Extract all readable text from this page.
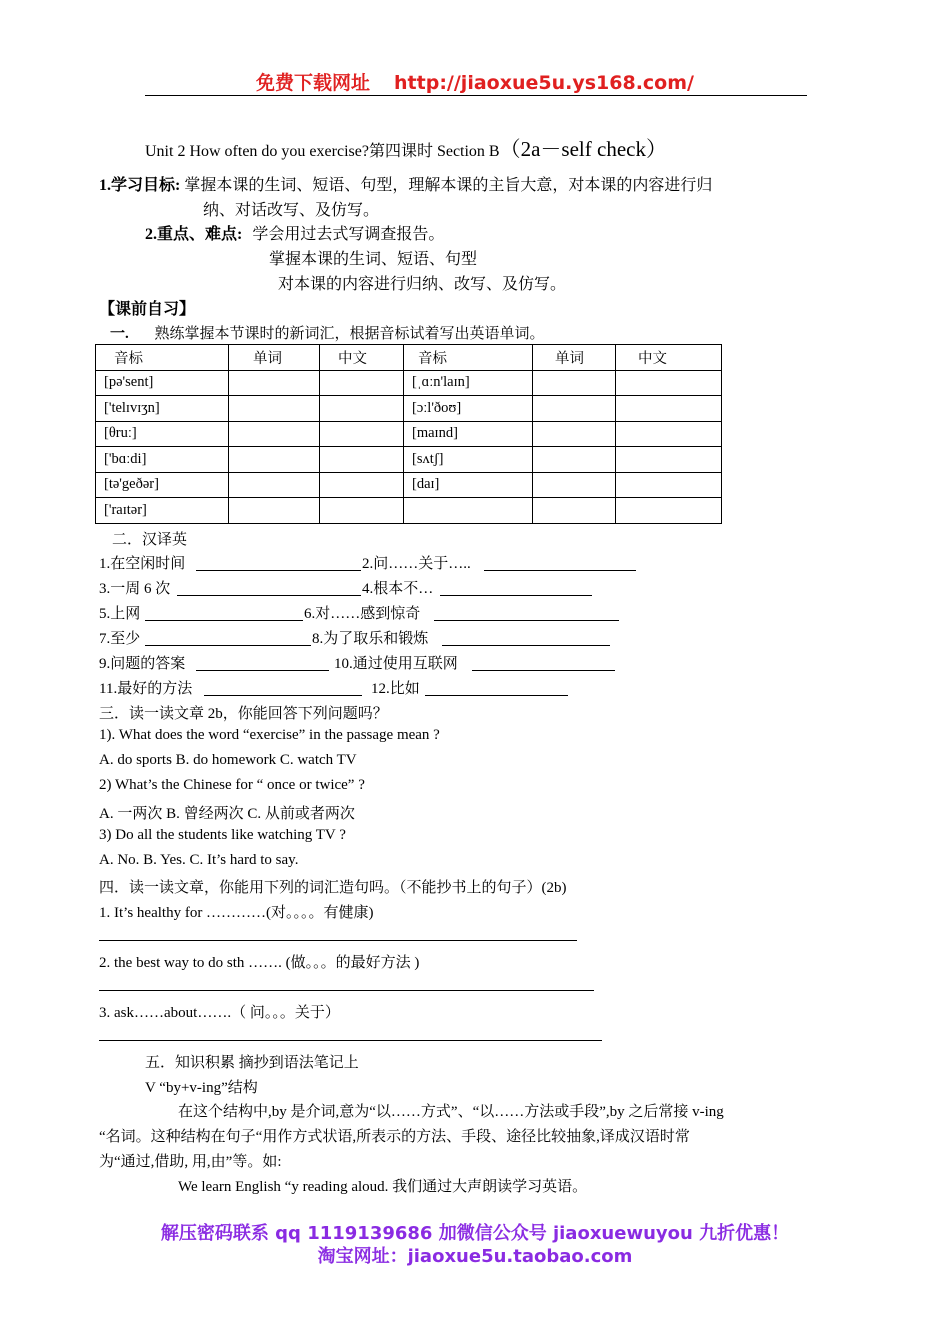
免费下载网址 http://jiaoxue5u.ys168.com/
Unit 2 How often do you exercise?第四课时 Section B（2a－self check）
1.学习目标: 掌握本课的生词、短语、句型，理解本课的主旨大意，对本课的内容进行归
纳、对话改写、及仿写。
2.重点、难点: 学会用过去式写调查报告。
掌握本课的生词、短语、句型
对本课的内容进行归纳、改写、及仿写。
【课前自习】
一. 熟练掌握本节课时的新词汇，根据音标试着写出英语单词。
音标	单词	中文	音标	单词	中文
[pə'sent]			[ˌɑːn'laɪn]		
['telɪvɪʒn]			[ɔːl'ðoʊ]		
[θruː]			[maɪnd]		
['bɑːdi]			[sʌtʃ]		
[tə'geðər]			[daɪ]		
['raɪtər]					
二．汉译英
1.在空闲时间	2.问……关于…..
3.一周 6 次	4.根本不…
5.上网	6.对……感到惊奇
7.至少	8.为了取乐和锻炼
9.问题的答案	10.通过使用互联网
11.最好的方法	12.比如
三．读一读文章 2b，你能回答下列问题吗？
1). What does the word “exercise” in the passage mean ?
A. do sports B. do homework C. watch TV
2) What’s the Chinese for “ once or twice” ?
A. 一两次 B. 曾经两次 C. 从前或者两次
3) Do all the students like watching TV ?
A. No. B. Yes. C. It’s hard to say.
四．读一读文章，你能用下列的词汇造句吗。（不能抄书上的句子）(2b)
1. It’s healthy for …………(对。。。。有健康)
2. the best way to do sth ……. (做。。。的最好方法 )
3. ask……about…….（ 问。。。关于）
五．知识积累 摘抄到语法笔记上
V “by+v-ing”结构
在这个结构中,by 是介词,意为“以……方式”、“以……方法或手段”,by 之后常接 v-ing
“名词。这种结构在句子“用作方式状语,所表示的方法、手段、途径比较抽象,译成汉语时常
为“通过,借助, 用,由”等。如:
We learn English “y reading aloud. 我们通过大声朗读学习英语。
解压密码联系 qq 1119139686 加微信公众号 jiaoxuewuyou 九折优惠！
淘宝网址：jiaoxue5u.taobao.com
